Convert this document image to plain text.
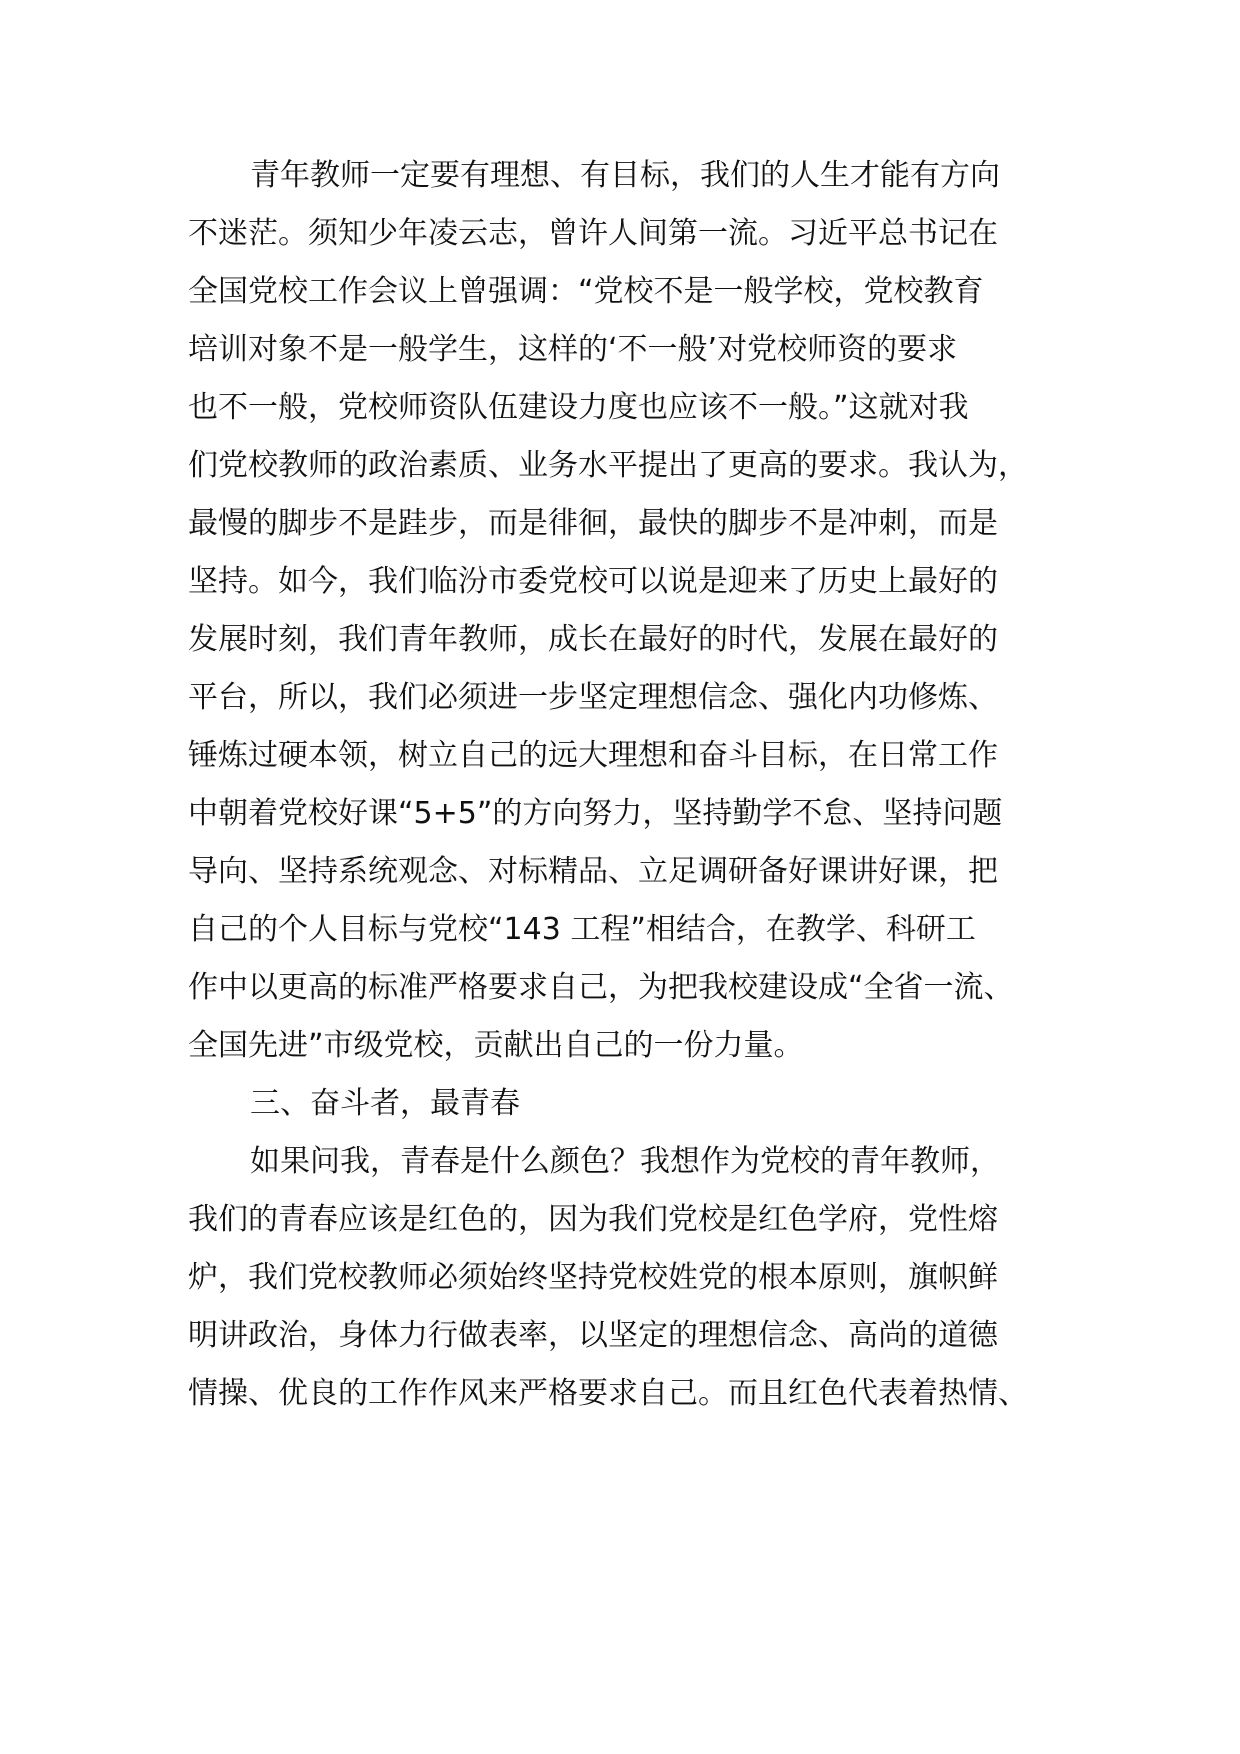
青年教师一定要有理想、有目标，我们的人生才能有方向
不迷茫。须知少年凌云志，曾许人间第一流。习近平总书记在
全国党校工作会议上曾强调：“党校不是一般学校，党校教育
培训对象不是一般学生，这样的‘不一般’对党校师资的要求
也不一般，党校师资队伍建设力度也应该不一般。”这就对我
们党校教师的政治素质、业务水平提出了更高的要求。我认为，
最慢的脚步不是跬步，而是徘徊，最快的脚步不是冲刺，而是
坚持。如今，我们临汾市委党校可以说是迎来了历史上最好的
发展时刻，我们青年教师，成长在最好的时代，发展在最好的
平台，所以，我们必须进一步坚定理想信念、强化内功修炼、
锤炼过硬本领，树立自己的远大理想和奋斗目标，在日常工作
中朝着党校好课“5+5”的方向努力，坚持勤学不怠、坚持问题
导向、坚持系统观念、对标精品、立足调研备好课讲好课，把
自己的个人目标与党校“143 工程”相结合，在教学、科研工
作中以更高的标准严格要求自己，为把我校建设成“全省一流、
全国先进”市级党校，贡献出自己的一份力量。
三、奋斗者，最青春
如果问我，青春是什么颜色？我想作为党校的青年教师，
我们的青春应该是红色的，因为我们党校是红色学府，党性熔
炉，我们党校教师必须始终坚持党校姓党的根本原则，旗帜鲜
明讲政治，身体力行做表率，以坚定的理想信念、高尚的道德
情操、优良的工作作风来严格要求自己。而且红色代表着热情、
